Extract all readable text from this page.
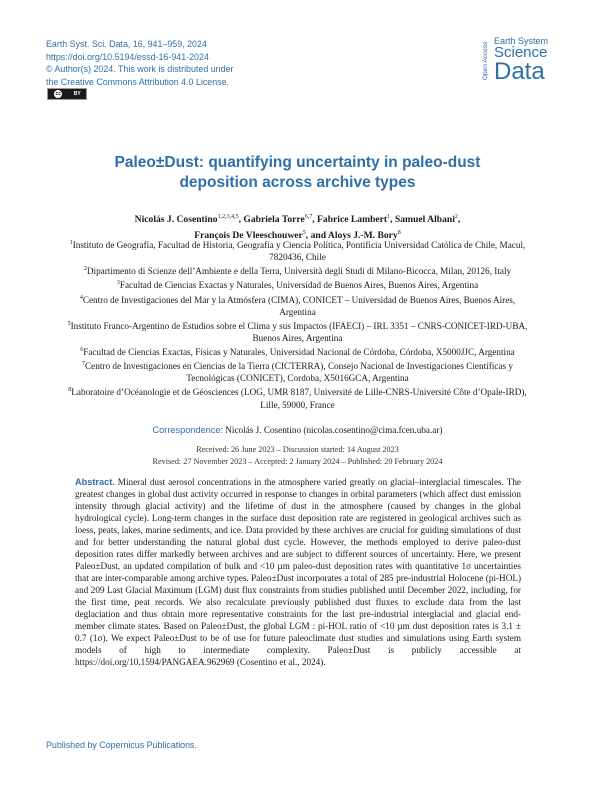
Earth Syst. Sci. Data, 16, 941–959, 2024
https://doi.org/10.5194/essd-16-941-2024
© Author(s) 2024. This work is distributed under
the Creative Commons Attribution 4.0 License.
cc	BY
Open Access
Earth System
Science
Data
Paleo±Dust: quantifying uncertainty in paleo-dust
deposition across archive types
Nicolás J. Cosentino$^{1,2,3,4,5}$, Gabriela Torre$^{6,7}$, Fabrice Lambert$^1$, Samuel Albani$^2$,
François De Vleeschouwer$^5$, and Aloys J.-M. Bory$^8$
$^1$Instituto de Geografía, Facultad de Historia, Geografía y Ciencia Política, Pontificia Universidad Católica de Chile, Macul, 7820436, Chile
$^2$Dipartimento di Scienze dell’Ambiente e della Terra, Università degli Studi di Milano-Bicocca, Milan, 20126, Italy
$^3$Facultad de Ciencias Exactas y Naturales, Universidad de Buenos Aires, Buenos Aires, Argentina
$^4$Centro de Investigaciones del Mar y la Atmósfera (CIMA), CONICET – Universidad de Buenos Aires, Buenos Aires, Argentina
$^5$Instituto Franco-Argentino de Estudios sobre el Clima y sus Impactos (IFAECI) – IRL 3351 – CNRS-CONICET-IRD-UBA, Buenos Aires, Argentina
$^6$Facultad de Ciencias Exactas, Físicas y Naturales, Universidad Nacional de Córdoba, Córdoba, X5000JJC, Argentina
$^7$Centro de Investigaciones en Ciencias de la Tierra (CICTERRA), Consejo Nacional de Investigaciones Científicas y Tecnológicas (CONICET), Cordoba, X5016GCA, Argentina
$^8$Laboratoire d’Océanologie et de Géosciences (LOG, UMR 8187, Université de Lille-CNRS-Université Côte d’Opale-IRD), Lille, 59000, France
Correspondence: Nicolás J. Cosentino (nicolas.cosentino@cima.fcen.uba.ar)
Received: 26 June 2023 – Discussion started: 14 August 2023
Revised: 27 November 2023 – Accepted: 2 January 2024 – Published: 20 February 2024
Abstract. Mineral dust aerosol concentrations in the atmosphere varied greatly on glacial–interglacial timescales. The greatest changes in global dust activity occurred in response to changes in orbital parameters (which affect dust emission intensity through glacial activity) and the lifetime of dust in the atmosphere (caused by changes in the global hydrological cycle). Long-term changes in the surface dust deposition rate are registered in geological archives such as loess, peats, lakes, marine sediments, and ice. Data provided by these archives are crucial for guiding simulations of dust and for better understanding the natural global dust cycle. However, the methods employed to derive paleo-dust deposition rates differ markedly between archives and are subject to different sources of uncertainty. Here, we present Paleo±Dust, an updated compilation of bulk and <10 µm paleo-dust deposition rates with quantitative 1σ uncertainties that are inter-comparable among archive types. Paleo±Dust incorporates a total of 285 pre-industrial Holocene (pi-HOL) and 209 Last Glacial Maximum (LGM) dust flux constraints from studies published until December 2022, including, for the first time, peat records. We also recalculate previously published dust fluxes to exclude data from the last deglaciation and thus obtain more representative constraints for the last pre-industrial interglacial and glacial end-member climate states. Based on Paleo±Dust, the global LGM : pi-HOL ratio of <10 µm dust deposition rates is 3.1 ± 0.7 (1σ). We expect Paleo±Dust to be of use for future paleoclimate dust studies and simulations using Earth system models of high to intermediate complexity. Paleo±Dust is publicly accessible at https://doi.org/10.1594/PANGAEA.962969 (Cosentino et al., 2024).
Published by Copernicus Publications.
